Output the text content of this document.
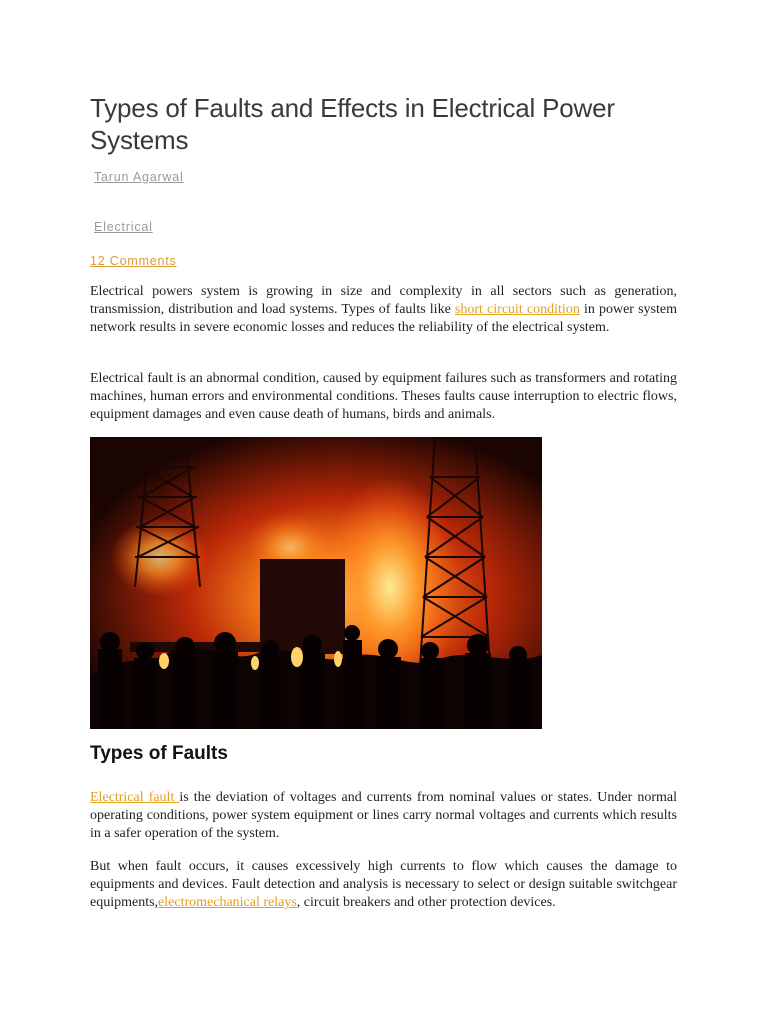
Types of Faults and Effects in Electrical Power Systems
Tarun Agarwal
Electrical
12 Comments

Electrical powers system is growing in size and complexity in all sectors such as generation, transmission, distribution and load systems. Types of faults like short circuit condition in power system network results in severe economic losses and reduces the reliability of the electrical system.

Electrical fault is an abnormal condition, caused by equipment failures such as transformers and rotating machines, human errors and environmental conditions. Theses faults cause interruption to electric flows, equipment damages and even cause death of humans, birds and animals.

Types of Faults

Electrical fault is the deviation of voltages and currents from nominal values or states. Under normal operating conditions, power system equipment or lines carry normal voltages and currents which results in a safer operation of the system.

But when fault occurs, it causes excessively high currents to flow which causes the damage to equipments and devices. Fault detection and analysis is necessary to select or design suitable switchgear equipments,electromechanical relays, circuit breakers and other protection devices.
